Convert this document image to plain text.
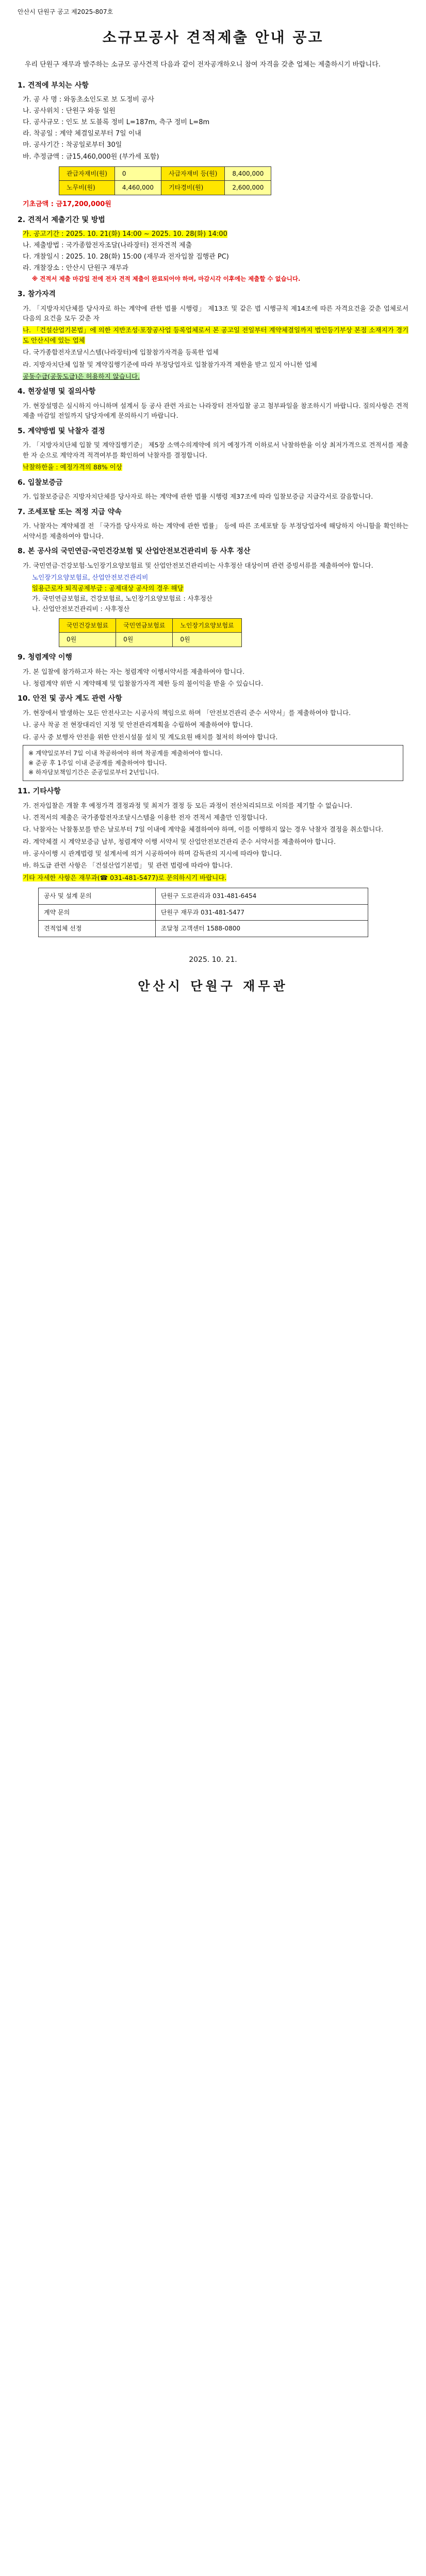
안산시 단원구 공고 제2025-807호
소규모공사 견적제출 안내 공고
우리 단원구 재무과 발주하는 소규모 공사견적 다음과 같이 전자공개하오니 참여 자격을 갖춘 업체는 제출하시기 바랍니다.
1. 견적에 부치는 사항
가. 공 사 명 : 와동초소인도로 보 도정비 공사
나. 공사위치 : 단원구 와동 일원
다. 공사규모 : 인도 보 도블록 정비 L=187m, 측구 정비 L=8m
라. 착공일 : 계약 체결일로부터 7일 이내
마. 공사기간 : 착공일로부터 30일
바. 추정금액 : 금15,460,000원 (부가세 포함)
관급자재비(원)	0	사급자재비 등(원)	8,400,000
노무비(원)	4,460,000	기타경비(원)	2,600,000
기초금액 : 금17,200,000원
2. 견적서 제출기간 및 방법
가. 공고기간 : 2025. 10. 21(화) 14:00 ~ 2025. 10. 28(화) 14:00
나. 제출방법 : 국가종합전자조달(나라장터) 전자견적 제출
다. 개찰일시 : 2025. 10. 28(화) 15:00 (재무과 전자입찰 집행관 PC)
라. 개찰장소 : 안산시 단원구 재무과
※ 견적서 제출 마감일 전에 전자 견적 제출이 완료되어야 하며, 마감시각 이후에는 제출할 수 없습니다.
3. 참가자격
가. 「지방자치단체를 당사자로 하는 계약에 관한 법률 시행령」 제13조 및 같은 법 시행규칙 제14조에 따른 자격요건을 갖춘 업체로서 다음의 요건을 모두 갖춘 자
나. 「건설산업기본법」에 의한 지반조성·포장공사업 등록업체로서 본 공고일 전일부터 계약체결일까지 법인등기부상 본점 소재지가 경기도 안산시에 있는 업체
다. 국가종합전자조달시스템(나라장터)에 입찰참가자격을 등록한 업체
라. 지방자치단체 입찰 및 계약집행기준에 따라 부정당업자로 입찰참가자격 제한을 받고 있지 아니한 업체
공동수급(공동도급)은 허용하지 않습니다.
4. 현장설명 및 질의사항
가. 현장설명은 실시하지 아니하며 설계서 등 공사 관련 자료는 나라장터 전자입찰 공고 첨부파일을 참조하시기 바랍니다. 질의사항은 견적 제출 마감일 전일까지 담당자에게 문의하시기 바랍니다.
5. 계약방법 및 낙찰자 결정
가. 「지방자치단체 입찰 및 계약집행기준」 제5장 소액수의계약에 의거 예정가격 이하로서 낙찰하한율 이상 최저가격으로 견적서를 제출한 자 순으로 계약자격 적격여부를 확인하여 낙찰자를 결정합니다.
낙찰하한율 : 예정가격의 88% 이상
6. 입찰보증금
가. 입찰보증금은 지방자치단체를 당사자로 하는 계약에 관한 법률 시행령 제37조에 따라 입찰보증금 지급각서로 갈음합니다.
7. 조세포탈 또는 적정 지급 약속
가. 낙찰자는 계약체결 전 「국가를 당사자로 하는 계약에 관한 법률」 등에 따른 조세포탈 등 부정당업자에 해당하지 아니함을 확인하는 서약서를 제출하여야 합니다.
8. 본 공사의 국민연금·국민건강보험 및 산업안전보건관리비 등 사후 정산
가. 국민연금·건강보험·노인장기요양보험료 및 산업안전보건관리비는 사후정산 대상이며 관련 증빙서류를 제출하여야 합니다.
노인장기요양보험료, 산업안전보건관리비
일용근로자 퇴직공제부금 : 공제대상 공사의 경우 해당
가. 국민연금보험료, 건강보험료, 노인장기요양보험료 : 사후정산
나. 산업안전보건관리비 : 사후정산
국민건강보험료	국민연금보험료	노인장기요양보험료
0원	0원	0원
9. 청렴계약 이행
가. 본 입찰에 참가하고자 하는 자는 청렴계약 이행서약서를 제출하여야 합니다.
나. 청렴계약 위반 시 계약해제 및 입찰참가자격 제한 등의 불이익을 받을 수 있습니다.
10. 안전 및 공사 계도 관련 사항
가. 현장에서 발생하는 모든 안전사고는 시공사의 책임으로 하며 「안전보건관리 준수 서약서」를 제출하여야 합니다.
나. 공사 착공 전 현장대리인 지정 및 안전관리계획을 수립하여 제출하여야 합니다.
다. 공사 중 보행자 안전을 위한 안전시설물 설치 및 계도요원 배치를 철저히 하여야 합니다.
※ 계약일로부터 7일 이내 착공하여야 하며 착공계를 제출하여야 합니다.
※ 준공 후 1주일 이내 준공계를 제출하여야 합니다.
※ 하자담보책임기간은 준공일로부터 2년입니다.
11. 기타사항
가. 전자입찰은 개찰 후 예정가격 결정과정 및 최저가 결정 등 모든 과정이 전산처리되므로 이의를 제기할 수 없습니다.
나. 견적서의 제출은 국가종합전자조달시스템을 이용한 전자 견적서 제출만 인정합니다.
다. 낙찰자는 낙찰통보를 받은 날로부터 7일 이내에 계약을 체결하여야 하며, 이를 이행하지 않는 경우 낙찰자 결정을 취소합니다.
라. 계약체결 시 계약보증금 납부, 청렴계약 이행 서약서 및 산업안전보건관리 준수 서약서를 제출하여야 합니다.
마. 공사이행 시 관계법령 및 설계서에 의거 시공하여야 하며 감독관의 지시에 따라야 합니다.
바. 하도급 관련 사항은 「건설산업기본법」 및 관련 법령에 따라야 합니다.
기타 자세한 사항은 재무과(☎ 031-481-5477)로 문의하시기 바랍니다.
공사 및 설계 문의	단원구 도로관리과 031-481-6454
계약 문의	단원구 재무과 031-481-5477
견적업체 선정	조달청 고객센터 1588-0800
2025. 10. 21.
안산시 단원구 재무관
